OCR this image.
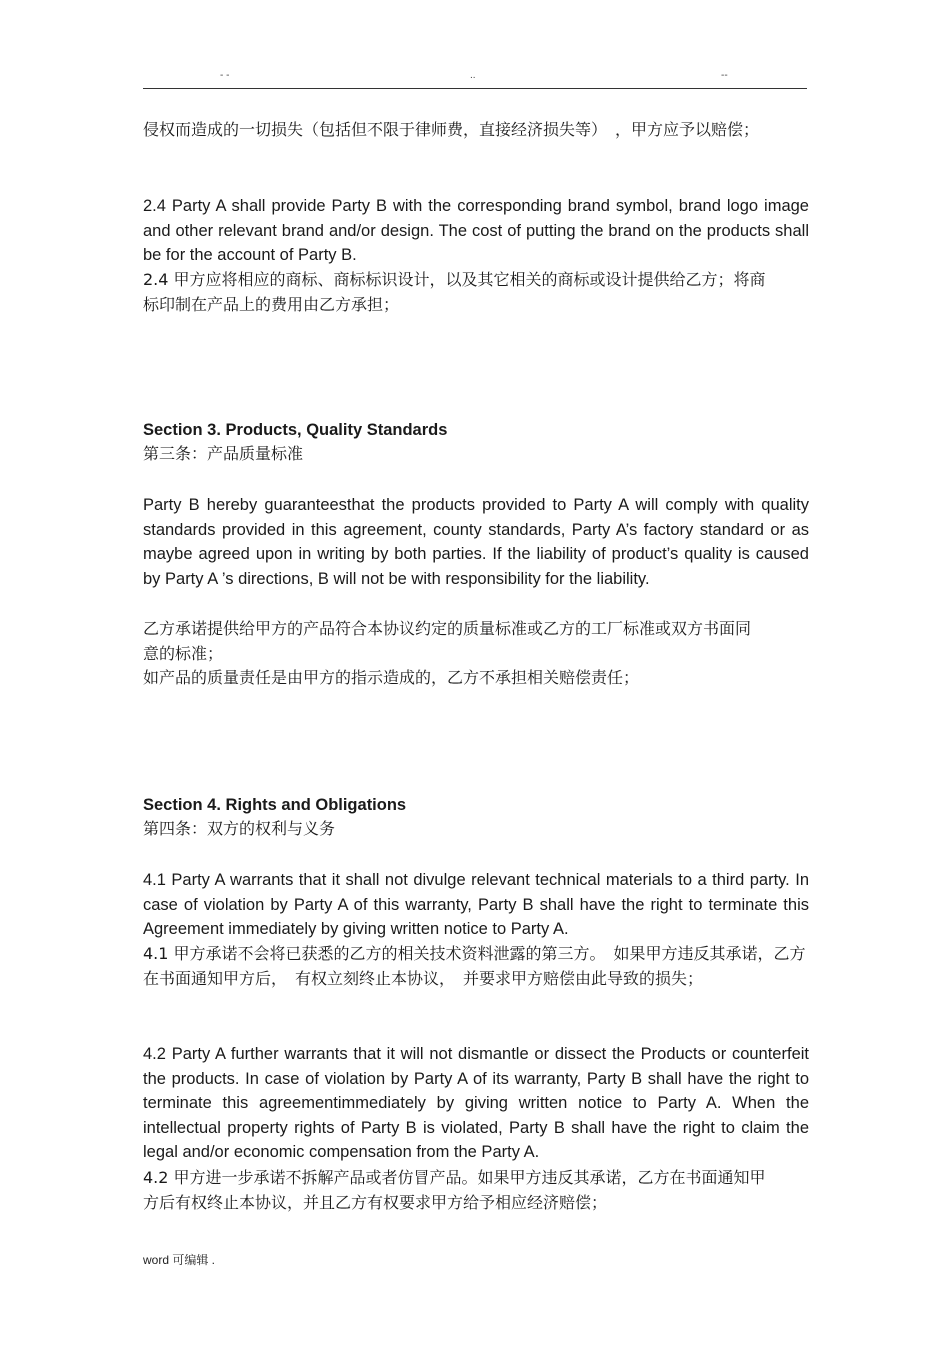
- -	..	--
侵权而造成的一切损失（包括但不限于律师费，直接经济损失等）　，甲方应予以赔偿；
2.4 Party A shall provide Party B with the corresponding brand symbol, brand logo image and other relevant brand and/or design. The cost of putting the brand on the products shall be for the account of Party B.
2.4 甲方应将相应的商标、商标标识设计，以及其它相关的商标或设计提供给乙方；将商标印制在产品上的费用由乙方承担；
Section 3. Products, Quality Standards
第三条：产品质量标准
Party B hereby guaranteesthat the products provided to Party A will comply with quality standards provided in this agreement, county standards, Party A’s factory standard or as maybe agreed upon in writing by both parties. If the liability of product’s quality is caused by Party A ’s directions, B will not be with responsibility for the liability.
乙方承诺提供给甲方的产品符合本协议约定的质量标准或乙方的工厂标准或双方书面同意的标准；
如产品的质量责任是由甲方的指示造成的，乙方不承担相关赔偿责任；
Section 4. Rights and Obligations
第四条：双方的权利与义务
4.1 Party A warrants that it shall not divulge relevant technical materials to a third party. In case of violation by Party A of this warranty, Party B shall have the right to terminate this Agreement immediately by giving written notice to Party A.
4.1 甲方承诺不会将已获悉的乙方的相关技术资料泄露的第三方。　如果甲方违反其承诺，乙方在书面通知甲方后，　有权立刻终止本协议，　并要求甲方赔偿由此导致的损失；
4.2 Party A further warrants that it will not dismantle or dissect the Products or counterfeit the products. In case of violation by Party A of its warranty, Party B shall have the right to terminate this agreementimmediately by giving written notice to Party A. When the intellectual property rights of Party B is violated, Party B shall have the right to claim the legal and/or economic compensation from the Party A.
4.2 甲方进一步承诺不拆解产品或者仿冒产品。如果甲方违反其承诺，乙方在书面通知甲方后有权终止本协议，并且乙方有权要求甲方给予相应经济赔偿；
word 可编辑 .
